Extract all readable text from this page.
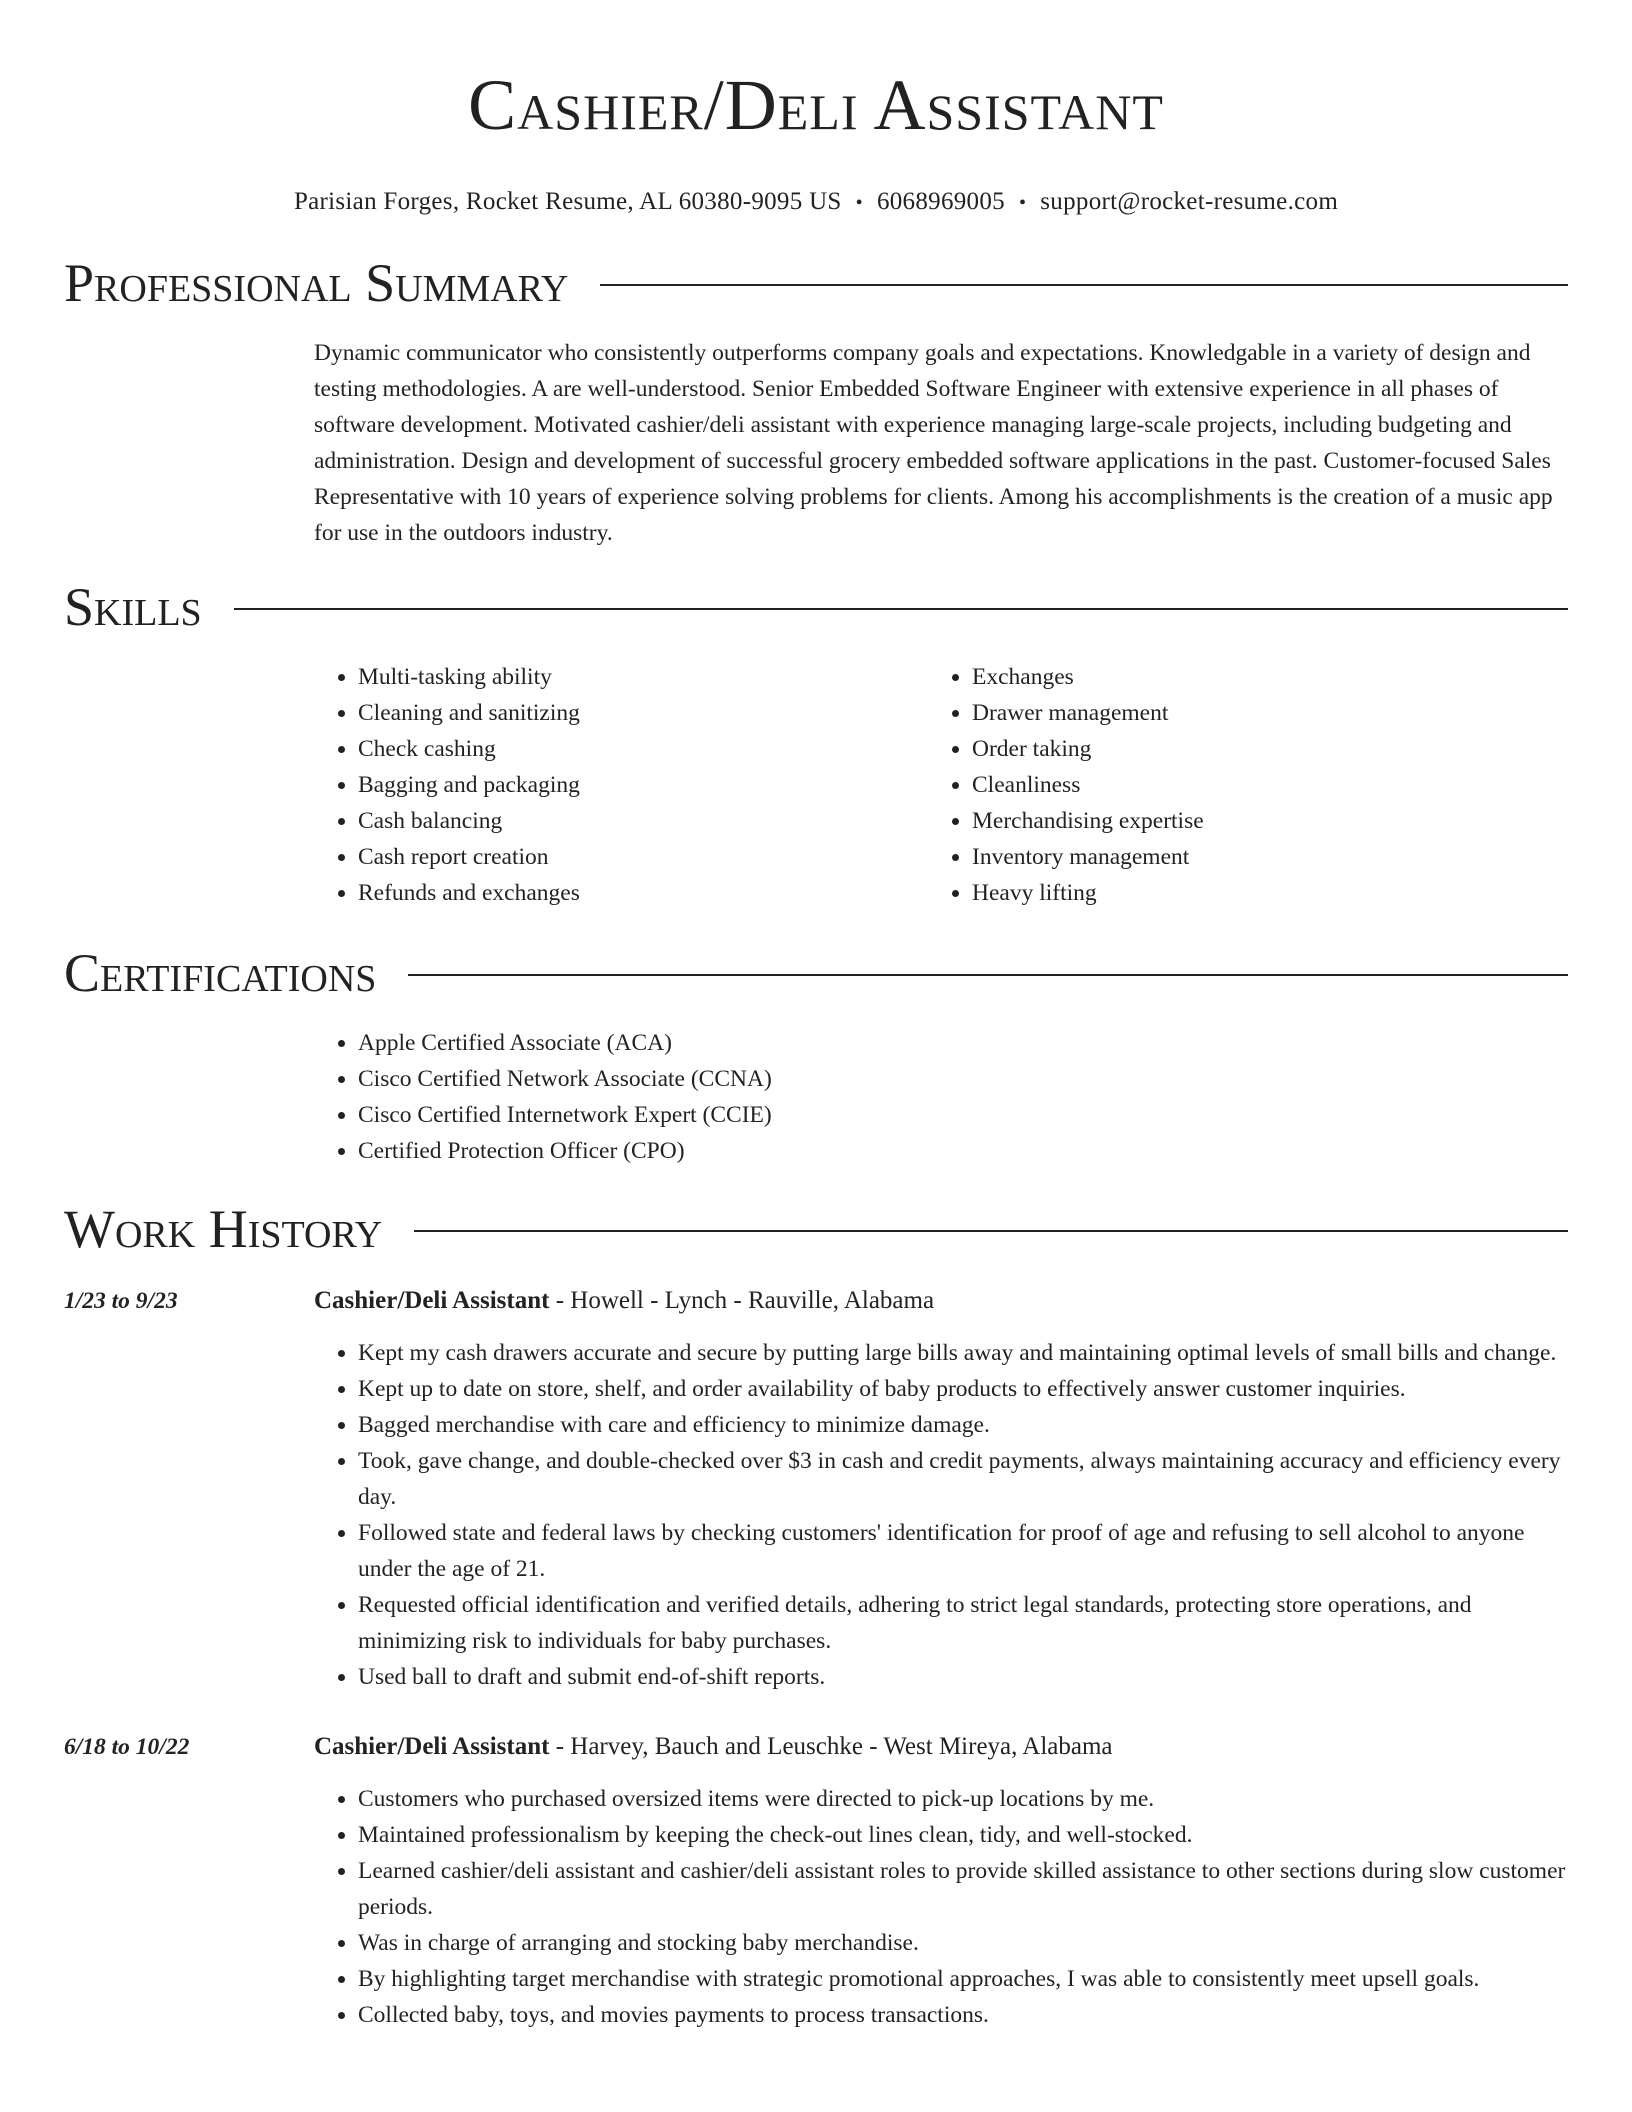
Cashier/Deli Assistant
Parisian Forges, Rocket Resume, AL 60380-9095 US • 6068969005 • support@rocket-resume.com
Professional Summary

Dynamic communicator who consistently outperforms company goals and expectations. Knowledgable in a variety of design and testing methodologies. A are well-understood. Senior Embedded Software Engineer with extensive experience in all phases of software development. Motivated cashier/deli assistant with experience managing large-scale projects, including budgeting and administration. Design and development of successful grocery embedded software applications in the past. Customer-focused Sales Representative with 10 years of experience solving problems for clients. Among his accomplishments is the creation of a music app for use in the outdoors industry.

Skills
• Multi-tasking ability
• Cleaning and sanitizing
• Check cashing
• Bagging and packaging
• Cash balancing
• Cash report creation
• Refunds and exchanges
• Exchanges
• Drawer management
• Order taking
• Cleanliness
• Merchandising expertise
• Inventory management
• Heavy lifting
Certifications
• Apple Certified Associate (ACA)
• Cisco Certified Network Associate (CCNA)
• Cisco Certified Internetwork Expert (CCIE)
• Certified Protection Officer (CPO)
Work History
1/23 to 9/23	Cashier/Deli Assistant - Howell - Lynch - Rauville, Alabama
• Kept my cash drawers accurate and secure by putting large bills away and maintaining optimal levels of small bills and change.
• Kept up to date on store, shelf, and order availability of baby products to effectively answer customer inquiries.
• Bagged merchandise with care and efficiency to minimize damage.
• Took, gave change, and double-checked over $3 in cash and credit payments, always maintaining accuracy and efficiency every day.
• Followed state and federal laws by checking customers' identification for proof of age and refusing to sell alcohol to anyone under the age of 21.
• Requested official identification and verified details, adhering to strict legal standards, protecting store operations, and minimizing risk to individuals for baby purchases.
• Used ball to draft and submit end-of-shift reports.
6/18 to 10/22	Cashier/Deli Assistant - Harvey, Bauch and Leuschke - West Mireya, Alabama
• Customers who purchased oversized items were directed to pick-up locations by me.
• Maintained professionalism by keeping the check-out lines clean, tidy, and well-stocked.
• Learned cashier/deli assistant and cashier/deli assistant roles to provide skilled assistance to other sections during slow customer periods.
• Was in charge of arranging and stocking baby merchandise.
• By highlighting target merchandise with strategic promotional approaches, I was able to consistently meet upsell goals.
• Collected baby, toys, and movies payments to process transactions.
